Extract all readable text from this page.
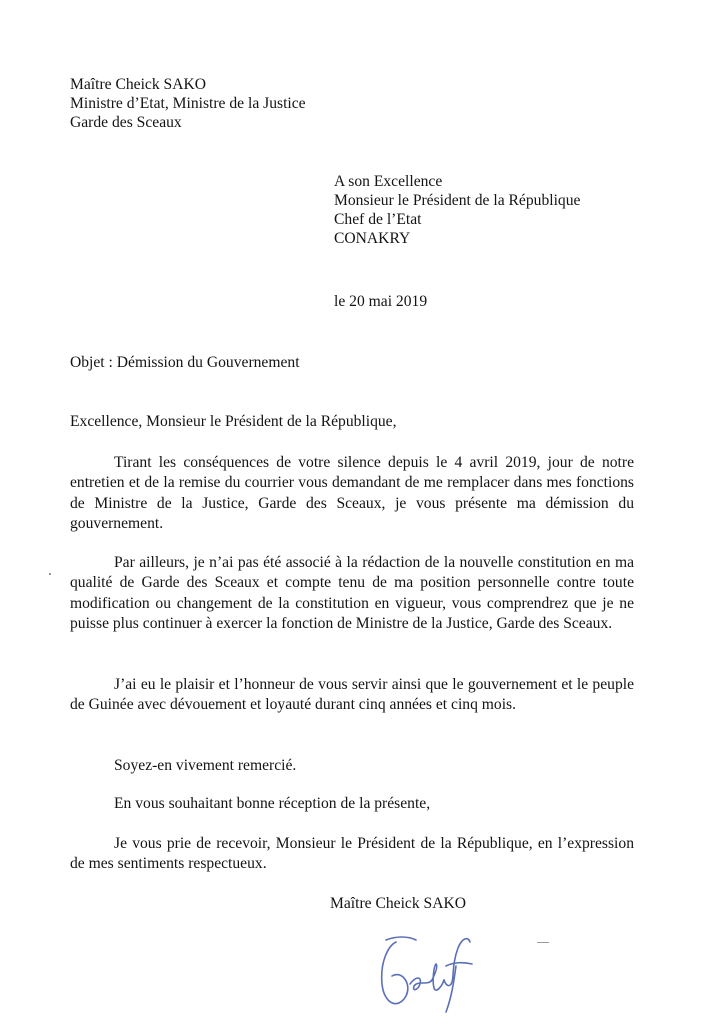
Maître Cheick SAKO
Ministre d’Etat, Ministre de la Justice
Garde des Sceaux
A son Excellence
Monsieur le Président de la République
Chef de l’Etat
CONAKRY
le 20 mai 2019
Objet : Démission du Gouvernement
Excellence, Monsieur le Président de la République,
Tirant les conséquences de votre silence depuis le 4 avril 2019, jour de notre entretien et de la remise du courrier vous demandant de me remplacer dans mes fonctions de Ministre de la Justice, Garde des Sceaux, je vous présente ma démission du gouvernement.
Par ailleurs, je n’ai pas été associé à la rédaction de la nouvelle constitution en ma qualité de Garde des Sceaux et compte tenu de ma position personnelle contre toute modification ou changement de la constitution en vigueur, vous comprendrez que je ne puisse plus continuer à exercer la fonction de Ministre de la Justice, Garde des Sceaux.
J’ai eu le plaisir et l’honneur de vous servir ainsi que le gouvernement et le peuple de Guinée avec dévouement et loyauté durant cinq années et cinq mois.
Soyez-en vivement remercié.
En vous souhaitant bonne réception de la présente,
Je vous prie de recevoir, Monsieur le Président de la République, en l’expression de mes sentiments respectueux.
Maître Cheick SAKO
